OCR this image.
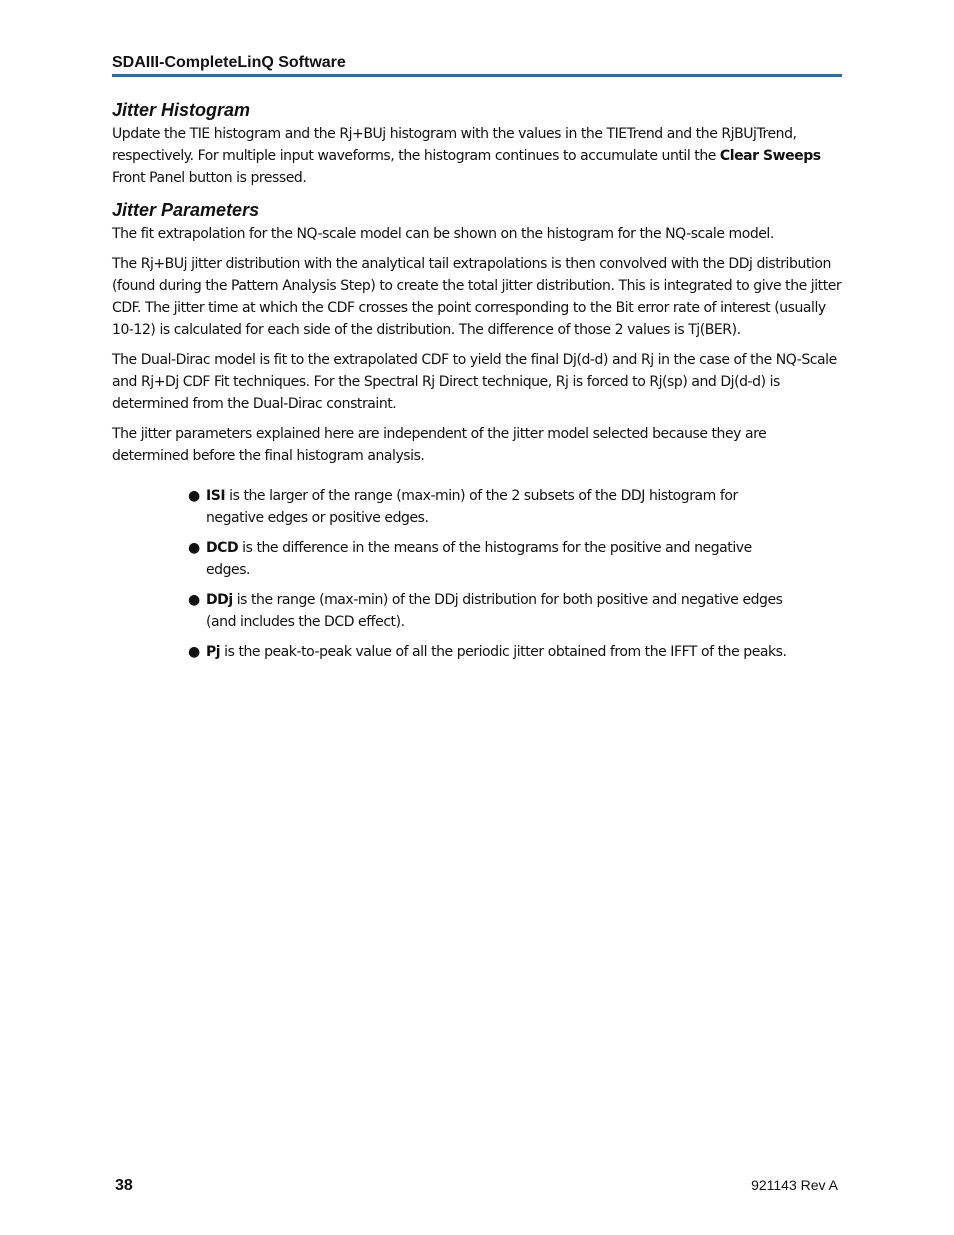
SDAIII-CompleteLinQ Software
Jitter Histogram

Update the TIE histogram and the Rj+BUj histogram with the values in the TIETrend and the RjBUjTrend, respectively. For multiple input waveforms, the histogram continues to accumulate until the Clear Sweeps Front Panel button is pressed.

Jitter Parameters

The fit extrapolation for the NQ-scale model can be shown on the histogram for the NQ-scale model.

The Rj+BUj jitter distribution with the analytical tail extrapolations is then convolved with the DDj distribution (found during the Pattern Analysis Step) to create the total jitter distribution. This is integrated to give the jitter CDF. The jitter time at which the CDF crosses the point corresponding to the Bit error rate of interest (usually 10-12) is calculated for each side of the distribution. The difference of those 2 values is Tj(BER).

The Dual-Dirac model is fit to the extrapolated CDF to yield the final Dj(d-d) and Rj in the case of the NQ-Scale and Rj+Dj CDF Fit techniques. For the Spectral Rj Direct technique, Rj is forced to Rj(sp) and Dj(d-d) is determined from the Dual-Dirac constraint.

The jitter parameters explained here are independent of the jitter model selected because they are determined before the final histogram analysis.

● ISI is the larger of the range (max-min) of the 2 subsets of the DDJ histogram for negative edges or positive edges.
● DCD is the difference in the means of the histograms for the positive and negative edges.
● DDj is the range (max-min) of the DDj distribution for both positive and negative edges (and includes the DCD effect).
● Pj is the peak-to-peak value of all the periodic jitter obtained from the IFFT of the peaks.
38	921143 Rev A
